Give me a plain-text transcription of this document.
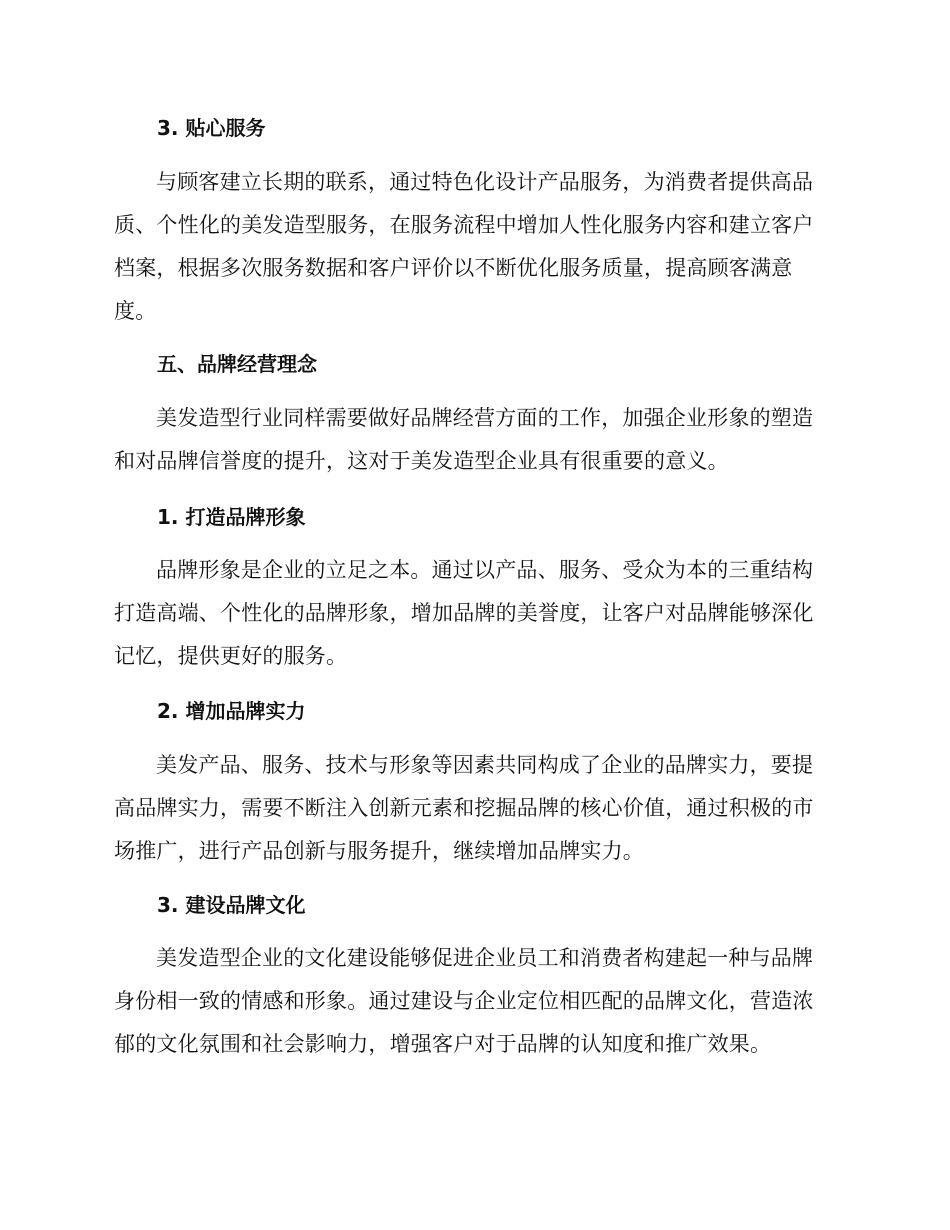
3. 贴心服务

与顾客建立长期的联系，通过特色化设计产品服务，为消费者提供高品
质、个性化的美发造型服务，在服务流程中增加人性化服务内容和建立客户
档案，根据多次服务数据和客户评价以不断优化服务质量，提高顾客满意
度。

五、品牌经营理念

美发造型行业同样需要做好品牌经营方面的工作，加强企业形象的塑造
和对品牌信誉度的提升，这对于美发造型企业具有很重要的意义。

1. 打造品牌形象

品牌形象是企业的立足之本。通过以产品、服务、受众为本的三重结构
打造高端、个性化的品牌形象，增加品牌的美誉度，让客户对品牌能够深化
记忆，提供更好的服务。

2. 增加品牌实力

美发产品、服务、技术与形象等因素共同构成了企业的品牌实力，要提
高品牌实力，需要不断注入创新元素和挖掘品牌的核心价值，通过积极的市
场推广，进行产品创新与服务提升，继续增加品牌实力。

3. 建设品牌文化

美发造型企业的文化建设能够促进企业员工和消费者构建起一种与品牌
身份相一致的情感和形象。通过建设与企业定位相匹配的品牌文化，营造浓
郁的文化氛围和社会影响力，增强客户对于品牌的认知度和推广效果。
